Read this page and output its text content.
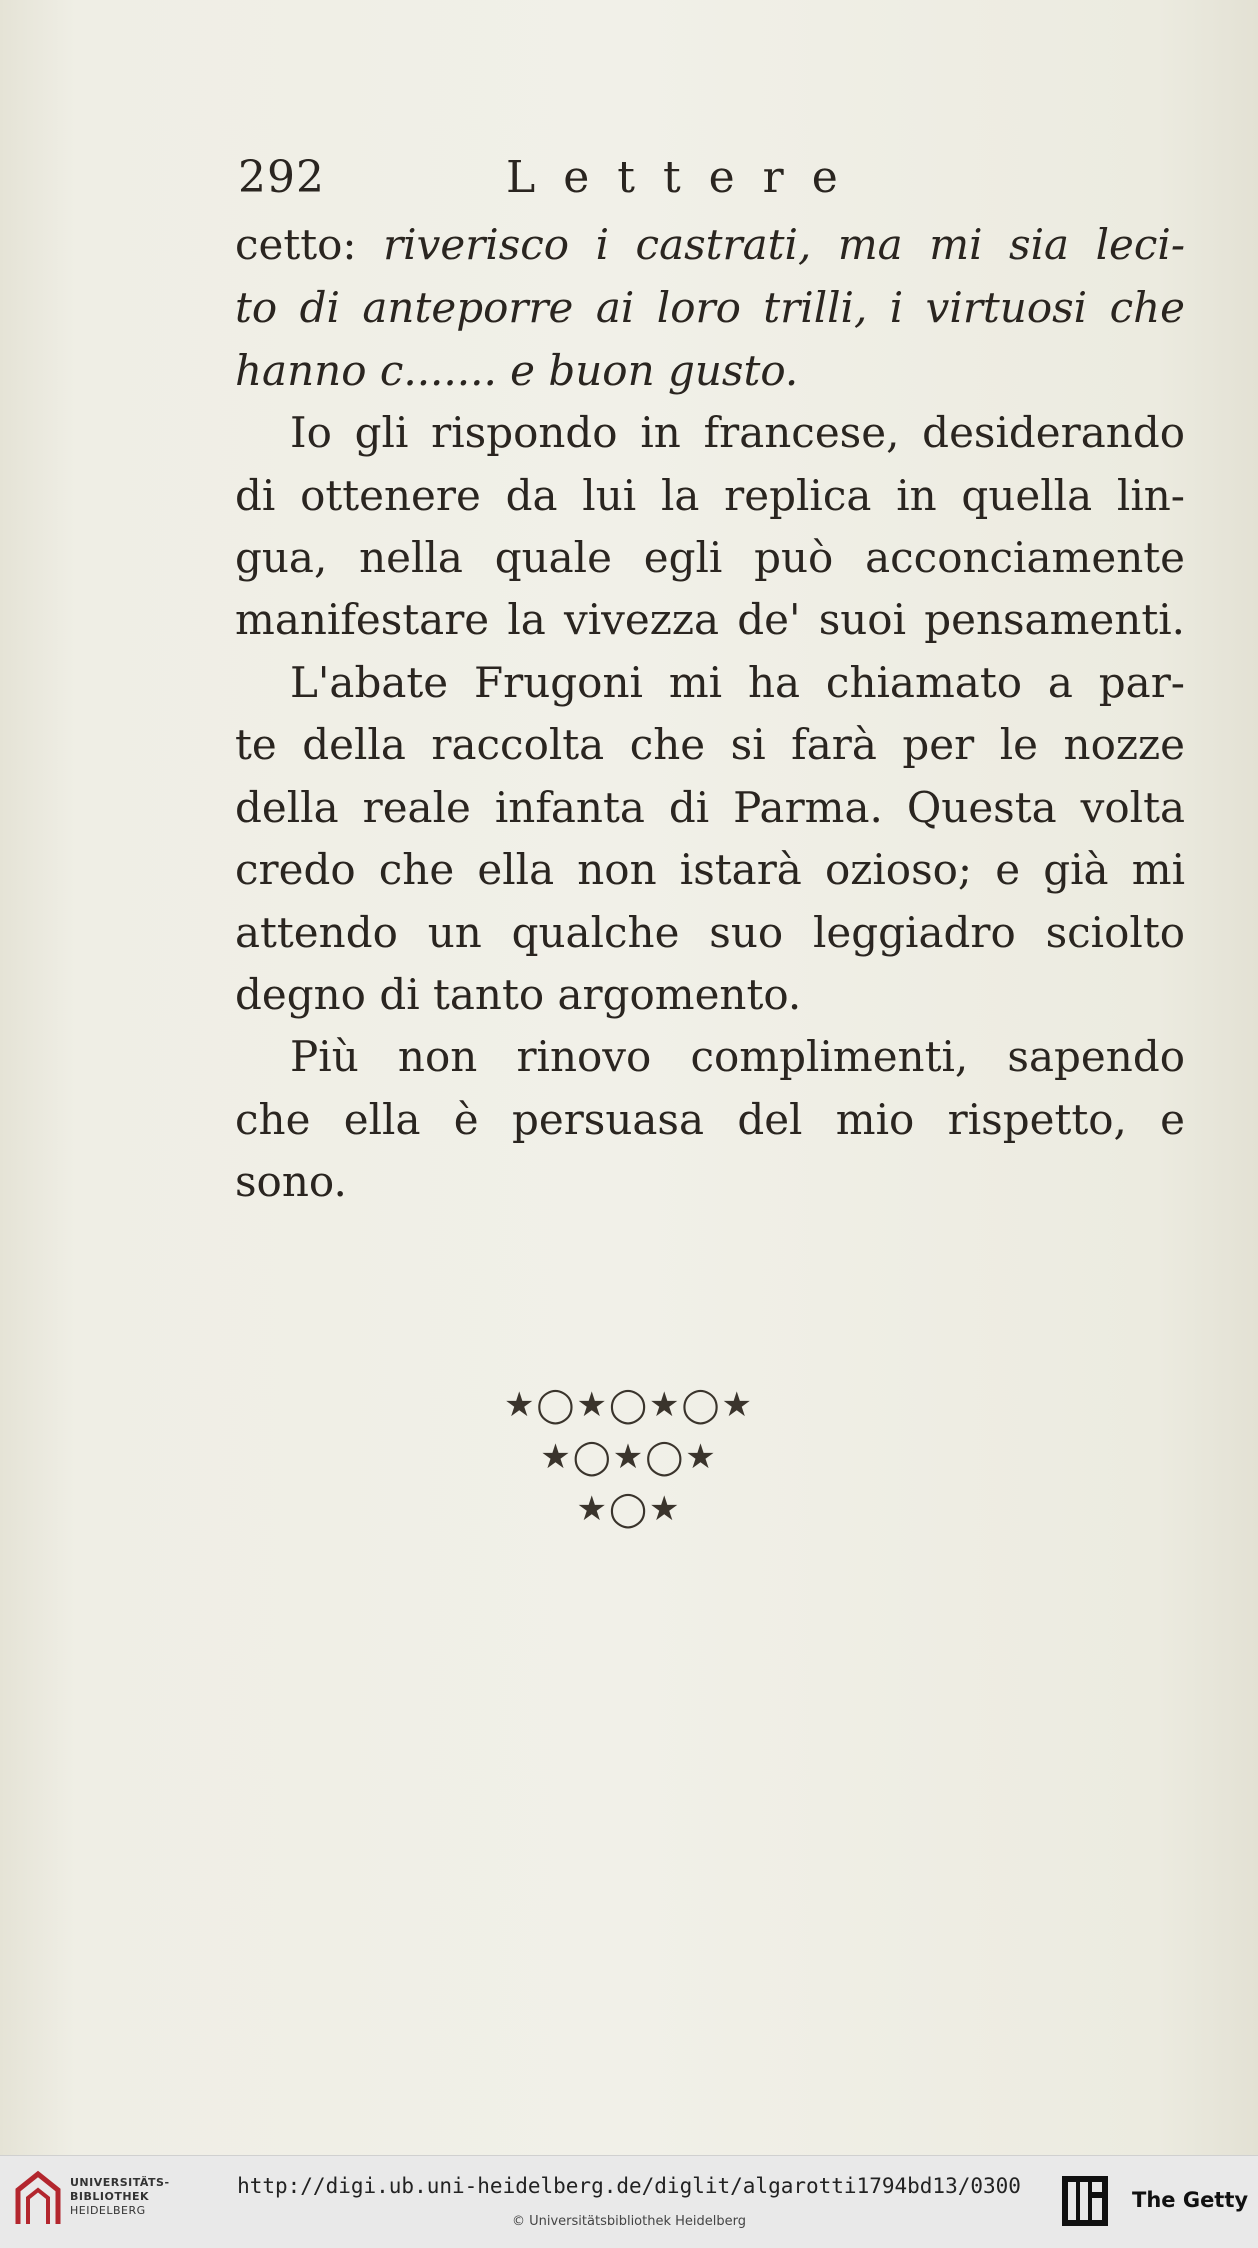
292	Lettere
cetto: riverisco i castrati, ma mi sia leci-
to di anteporre ai loro trilli, i virtuosi che
hanno c....... e buon gusto.
Io gli rispondo in francese, desiderando
di ottenere da lui la replica in quella lin-
gua, nella quale egli può acconciamente
manifestare la vivezza de' suoi pensamenti.
L'abate Frugoni mi ha chiamato a par-
te della raccolta che si farà per le nozze
della reale infanta di Parma. Questa volta
credo che ella non istarà ozioso; e già mi
attendo un qualche suo leggiadro sciolto
degno di tanto argomento.
Più non rinovo complimenti, sapendo
che ella è persuasa del mio rispetto, e
sono.
★◯★◯★◯★
★◯★◯★
★◯★
UNIVERSITÄTS-
BIBLIOTHEK
HEIDELBERG
http://digi.ub.uni-heidelberg.de/diglit/algarotti1794bd13/0300
© Universitätsbibliothek Heidelberg
The Getty
